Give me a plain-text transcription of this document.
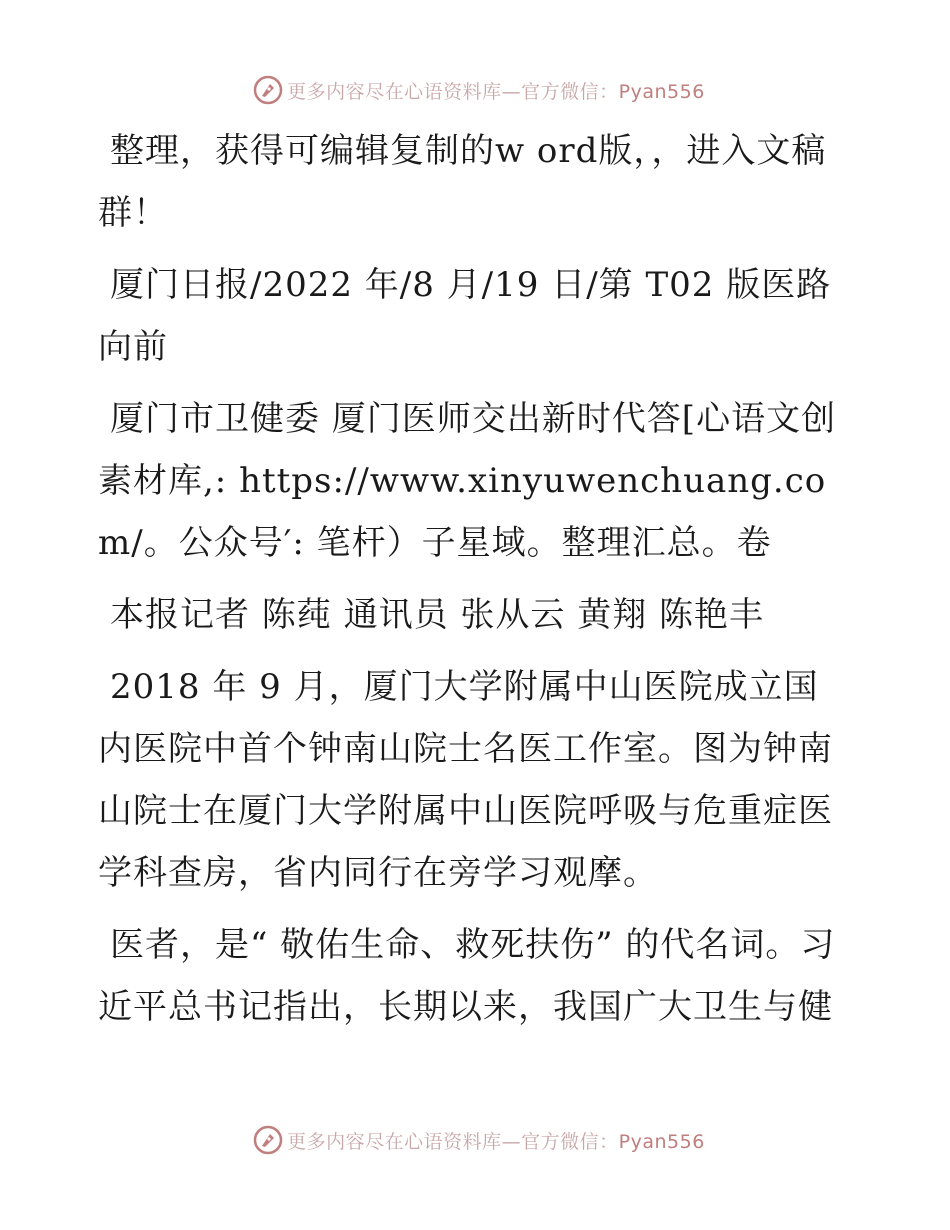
更多内容尽在心语资料库—官方微信：Pyan556

整理，获得可编辑复制的w ord版，，进入文稿群！

厦门日报/2022 年/8 月/19 日/第 T02 版医路向前

厦门市卫健委 厦门医师交出新时代答[心语文创素材库,: https://www.xinyuwenchuang.com/。公众号′: 笔杆）子星域。整理汇总。卷

本报记者 陈莼 通讯员 张从云 黄翔 陈艳丰

2018 年 9 月，厦门大学附属中山医院成立国内医院中首个钟南山院士名医工作室。图为钟南山院士在厦门大学附属中山医院呼吸与危重症医学科查房，省内同行在旁学习观摩。

医者，是“ 敬佑生命、救死扶伤” 的代名词。习近平总书记指出，长期以来，我国广大卫生与健

更多内容尽在心语资料库—官方微信：Pyan556
